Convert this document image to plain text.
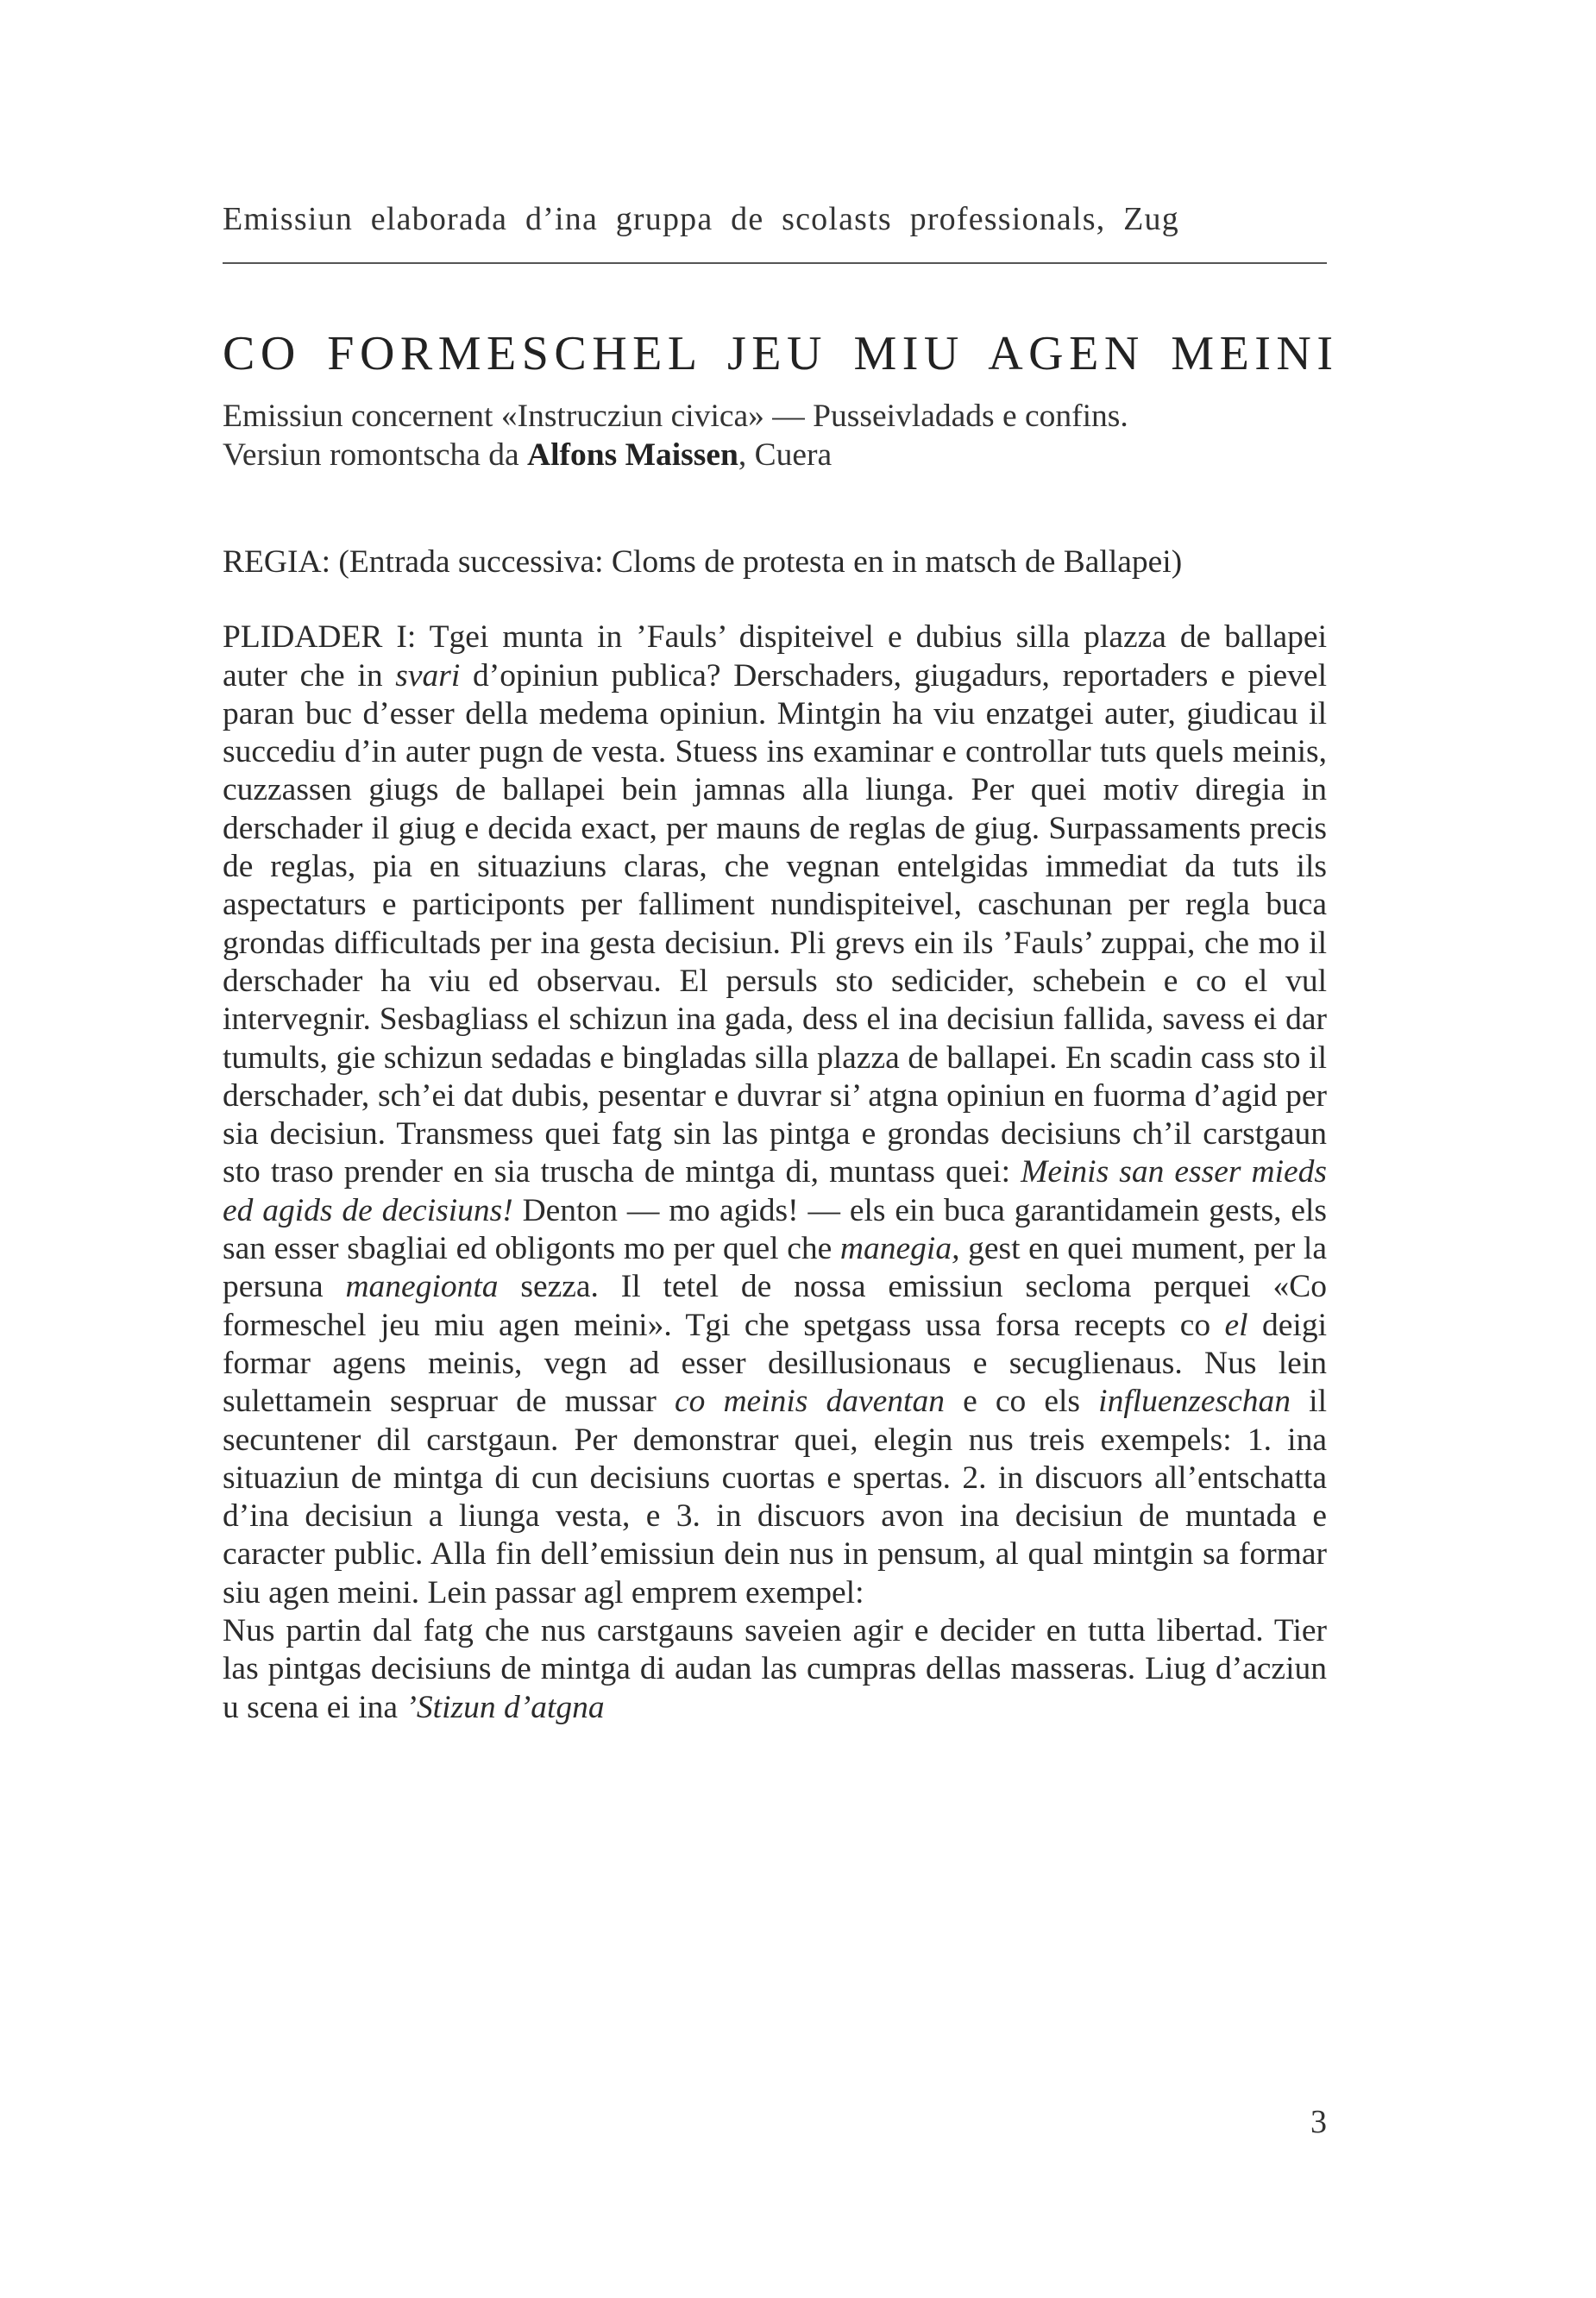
Emissiun elaborada d’ina gruppa de scolasts professionals, Zug
CO FORMESCHEL JEU MIU AGEN MEINI
Emissiun concernent «Instrucziun civica» — Pusseivladads e confins.
Versiun romontscha da Alfons Maissen, Cuera

REGIA: (Entrada successiva: Cloms de protesta en in matsch de Ballapei)

PLIDADER I: Tgei munta in ’Fauls’ dispiteivel e dubius silla plazza de ballapei auter che in svari d’opiniun publica? Derschaders, giugadurs, reportaders e pievel paran buc d’esser della medema opiniun. Mintgin ha viu enzatgei auter, giudicau il succediu d’in auter pugn de vesta. Stuess ins examinar e controllar tuts quels meinis, cuzzassen giugs de ballapei bein jamnas alla liunga. Per quei motiv diregia in derschader il giug e decida exact, per mauns de reglas de giug. Surpassaments precis de reglas, pia en situaziuns claras, che vegnan entelgidas immediat da tuts ils aspectaturs e participonts per falliment nundispiteivel, caschunan per regla buca grondas difficultads per ina gesta decisiun. Pli grevs ein ils ’Fauls’ zuppai, che mo il derschader ha viu ed observau. El persuls sto sedicider, schebein e co el vul intervegnir. Sesbagliass el schizun ina gada, dess el ina decisiun fallida, savess ei dar tumults, gie schizun sedadas e bingladas silla plazza de ballapei. En scadin cass sto il derschader, sch’ei dat dubis, pesentar e duvrar si’ atgna opiniun en fuorma d’agid per sia decisiun. Transmess quei fatg sin las pintga e grondas decisiuns ch’il carstgaun sto traso prender en sia truscha de mintga di, muntass quei: Meinis san esser mieds ed agids de decisiuns! Denton — mo agids! — els ein buca garantidamein gests, els san esser sbagliai ed obligonts mo per quel che manegia, gest en quei mument, per la persuna manegionta sezza. Il tetel de nossa emissiun secloma perquei «Co formeschel jeu miu agen meini». Tgi che spetgass ussa forsa recepts co el deigi formar agens meinis, vegn ad esser desillusionaus e secuglienaus. Nus lein sulettamein sespruar de mussar co meinis daventan e co els influenzeschan il secuntener dil carstgaun. Per demonstrar quei, elegin nus treis exempels: 1. ina situaziun de mintga di cun decisiuns cuortas e spertas. 2. in discuors all’entschatta d’ina decisiun a liunga vesta, e 3. in discuors avon ina decisiun de muntada e caracter public. Alla fin dell’emissiun dein nus in pensum, al qual mintgin sa formar siu agen meini. Lein passar agl emprem exempel:

Nus partin dal fatg che nus carstgauns saveien agir e decider en tutta libertad. Tier las pintgas decisiuns de mintga di audan las cumpras dellas masseras. Liug d’acziun u scena ei ina ’Stizun d’atgna

3
